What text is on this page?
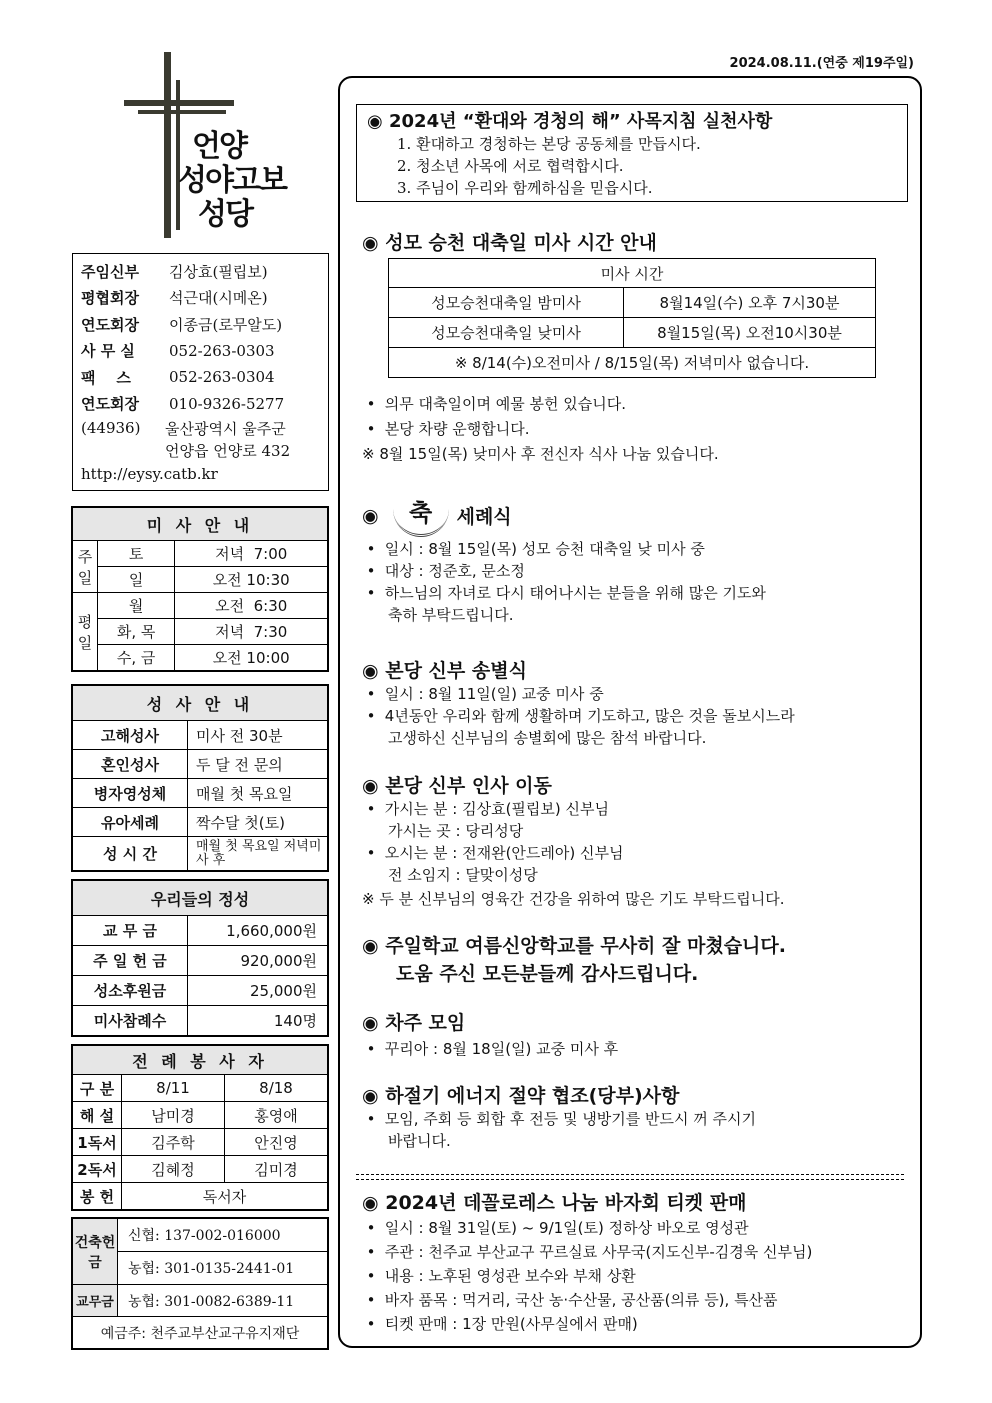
2024.08.11.(연중 제19주일)
언양
성야고보
성당
주임신부	김상효(필립보)
평협회장	석근대(시메온)
연도회장	이종금(로무알도)
사 무 실	052-263-0303
팩    스	052-263-0304
연도회장	010-9326-5277
(44936)	울산광역시 울주군
언양읍 언양로 432
http://eysy.catb.kr
미 사 안 내		
주일	토	저녁  7:00
	일	오전 10:30
평일	월	오전  6:30
	화, 목	저녁  7:30
	수, 금	오전 10:00
성 사 안 내	
고해성사	미사 전 30분
혼인성사	두 달 전 문의
병자영성체	매월 첫 목요일
유아세례	짝수달 첫(토)
성 시 간	매월 첫 목요일 저녁미사 후
우리들의 정성	
교 무 금	1,660,000원
주 일 헌 금	920,000원
성소후원금	25,000원
미사참례수	140명
전 례 봉 사 자		
구 분	8/11	8/18
해 설	남미경	홍영애
1독서	김주학	안진영
2독서	김혜정	김미경
봉 헌	독서자	
건축헌금	신협: 137-002-016000
	농협: 301-0135-2441-01
교무금	농협: 301-0082-6389-11
예금주: 천주교부산교구유지재단	
◉ 2024년 “환대와 경청의 해” 사목지침 실천사항
1. 환대하고 경청하는 본당 공동체를 만듭시다.
2. 청소년 사목에 서로 협력합시다.
3. 주님이 우리와 함께하심을 믿읍시다.
◉ 성모 승천 대축일 미사 시간 안내
미사 시간	
성모승천대축일 밤미사	8월14일(수) 오후 7시30분
성모승천대축일 낮미사	8월15일(목) 오전10시30분
※ 8/14(수)오전미사 / 8/15일(목) 저녁미사 없습니다.	
• 의무 대축일이며 예물 봉헌 있습니다.
• 본당 차량 운행합니다.
※ 8월 15일(목) 낮미사 후 전신자 식사 나눔 있습니다.
◉	축	세례식
• 일시 : 8월 15일(목) 성모 승천 대축일 낮 미사 중
• 대상 : 정준호, 문소정
• 하느님의 자녀로 다시 태어나시는 분들을 위해 많은 기도와
축하 부탁드립니다.
◉ 본당 신부 송별식
• 일시 : 8월 11일(일) 교중 미사 중
• 4년동안 우리와 함께 생활하며 기도하고, 많은 것을 돌보시느라
고생하신 신부님의 송별회에 많은 참석 바랍니다.
◉ 본당 신부 인사 이동
• 가시는 분 : 김상효(필립보) 신부님
가시는 곳 : 당리성당
• 오시는 분 : 전재완(안드레아) 신부님
전 소임지 : 달맞이성당
※ 두 분 신부님의 영육간 건강을 위하여 많은 기도 부탁드립니다.
◉ 주일학교 여름신앙학교를 무사히 잘 마쳤습니다.
도움 주신 모든분들께 감사드립니다.
◉ 차주 모임
• 꾸리아 : 8월 18일(일) 교중 미사 후
◉ 하절기 에너지 절약 협조(당부)사항
• 모임, 주회 등 회합 후 전등 및 냉방기를 반드시 꺼 주시기
바랍니다.
◉ 2024년 데꼴로레스 나눔 바자회 티켓 판매
• 일시 : 8월 31일(토) ~ 9/1일(토) 정하상 바오로 영성관
• 주관 : 천주교 부산교구 꾸르실료 사무국(지도신부-김경욱 신부님)
• 내용 : 노후된 영성관 보수와 부채 상환
• 바자 품목 : 먹거리, 국산 농·수산물, 공산품(의류 등), 특산품
• 티켓 판매 : 1장 만원(사무실에서 판매)
